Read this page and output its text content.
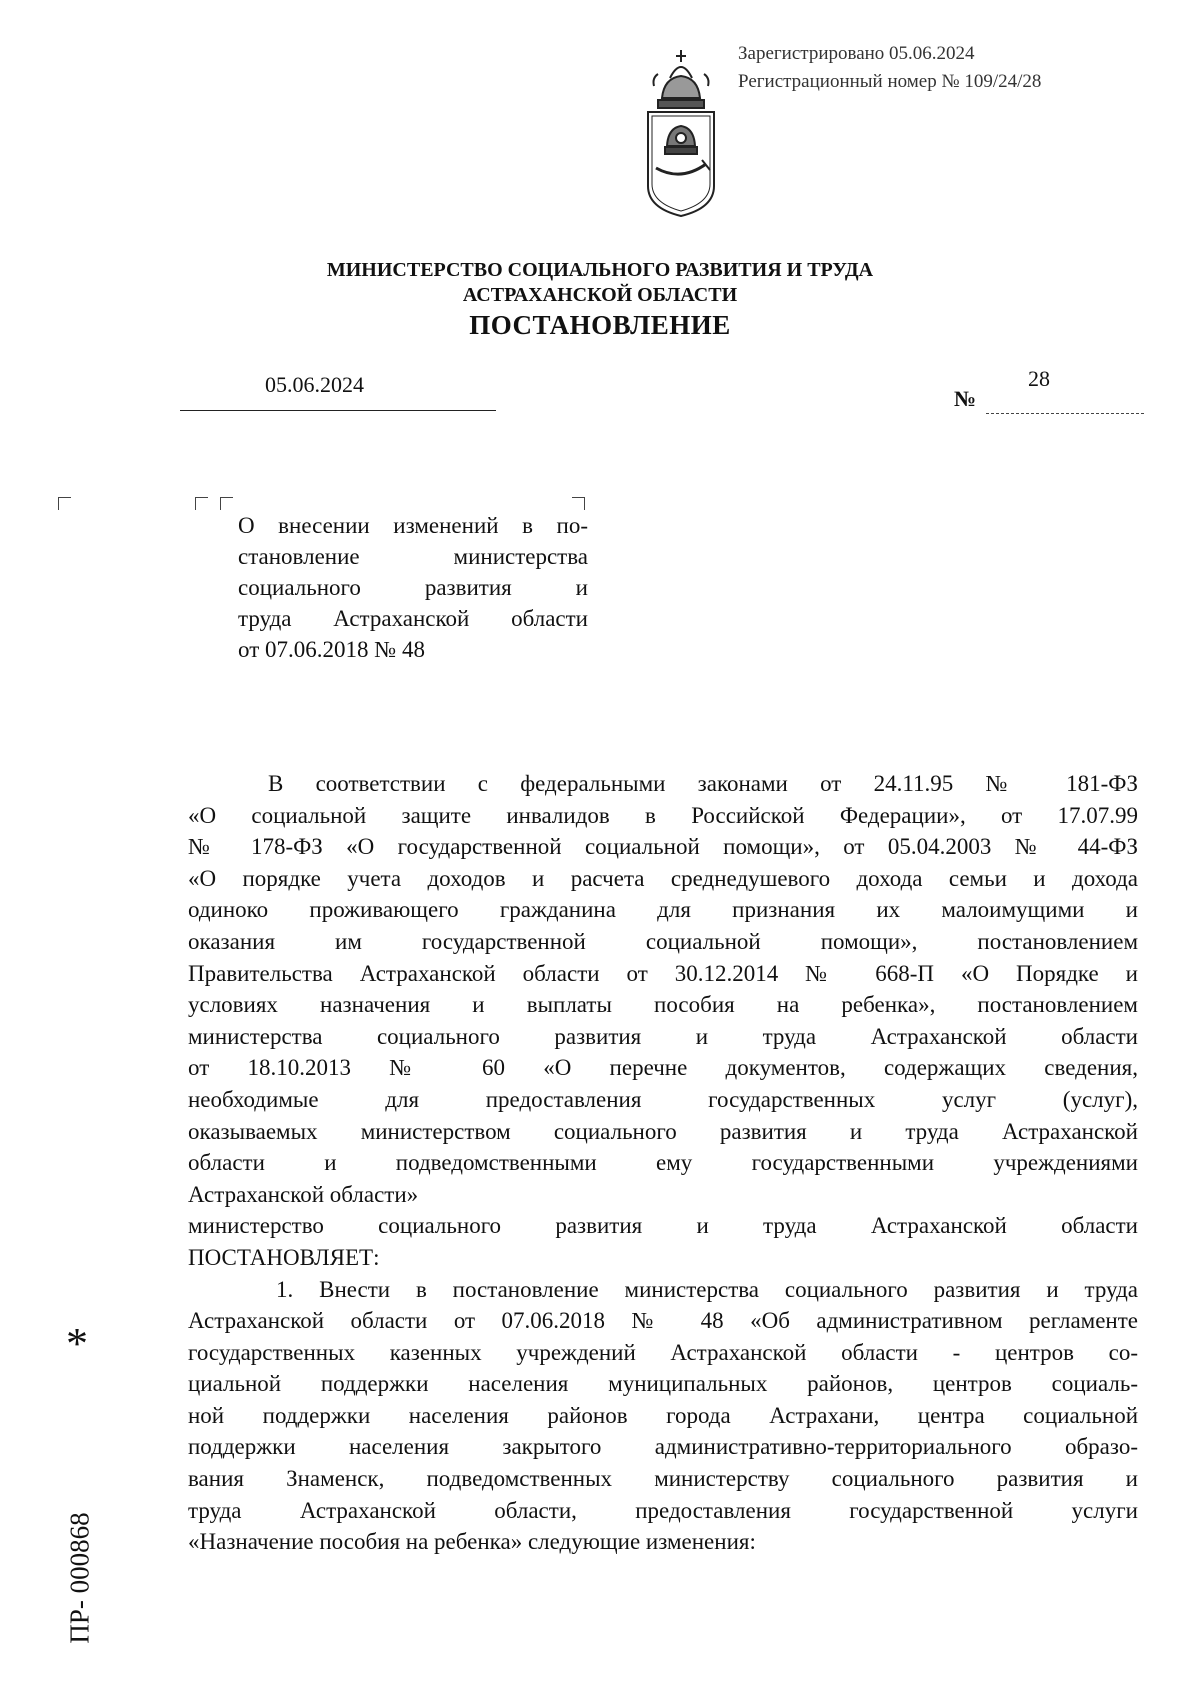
Зарегистрировано 05.06.2024
Регистрационный номер № 109/24/28
МИНИСТЕРСТВО СОЦИАЛЬНОГО РАЗВИТИЯ И ТРУДА
АСТРАХАНСКОЙ ОБЛАСТИ
ПОСТАНОВЛЕНИЕ
05.06.2024
№
28
О внесении изменений в по-
становление министерства
социального развития и
труда Астраханской области
от 07.06.2018 № 48
В соответствии с федеральными законами от 24.11.95 № 181-ФЗ
«О социальной защите инвалидов в Российской Федерации», от 17.07.99
№ 178-ФЗ «О государственной социальной помощи», от 05.04.2003 № 44-ФЗ
«О порядке учета доходов и расчета среднедушевого дохода семьи и дохода
одиноко проживающего гражданина для признания их малоимущими и
оказания им государственной социальной помощи», постановлением
Правительства Астраханской области от 30.12.2014 № 668-П «О Порядке и
условиях назначения и выплаты пособия на ребенка», постановлением
министерства социального развития и труда Астраханской области
от 18.10.2013 № 60 «О перечне документов, содержащих сведения,
необходимые для предоставления государственных услуг (услуг),
оказываемых министерством социального развития и труда Астраханской
области и подведомственными ему государственными учреждениями
Астраханской области»
министерство социального развития и труда Астраханской области
ПОСТАНОВЛЯЕТ:
1. Внести в постановление министерства социального развития и труда
Астраханской области от 07.06.2018 № 48 «Об административном регламенте
государственных казенных учреждений Астраханской области - центров со-
циальной поддержки населения муниципальных районов, центров социаль-
ной поддержки населения районов города Астрахани, центра социальной
поддержки населения закрытого административно-территориального образо-
вания Знаменск, подведомственных министерству социального развития и
труда Астраханской области, предоставления государственной услуги
«Назначение пособия на ребенка» следующие изменения:
*
ПР- 000868
